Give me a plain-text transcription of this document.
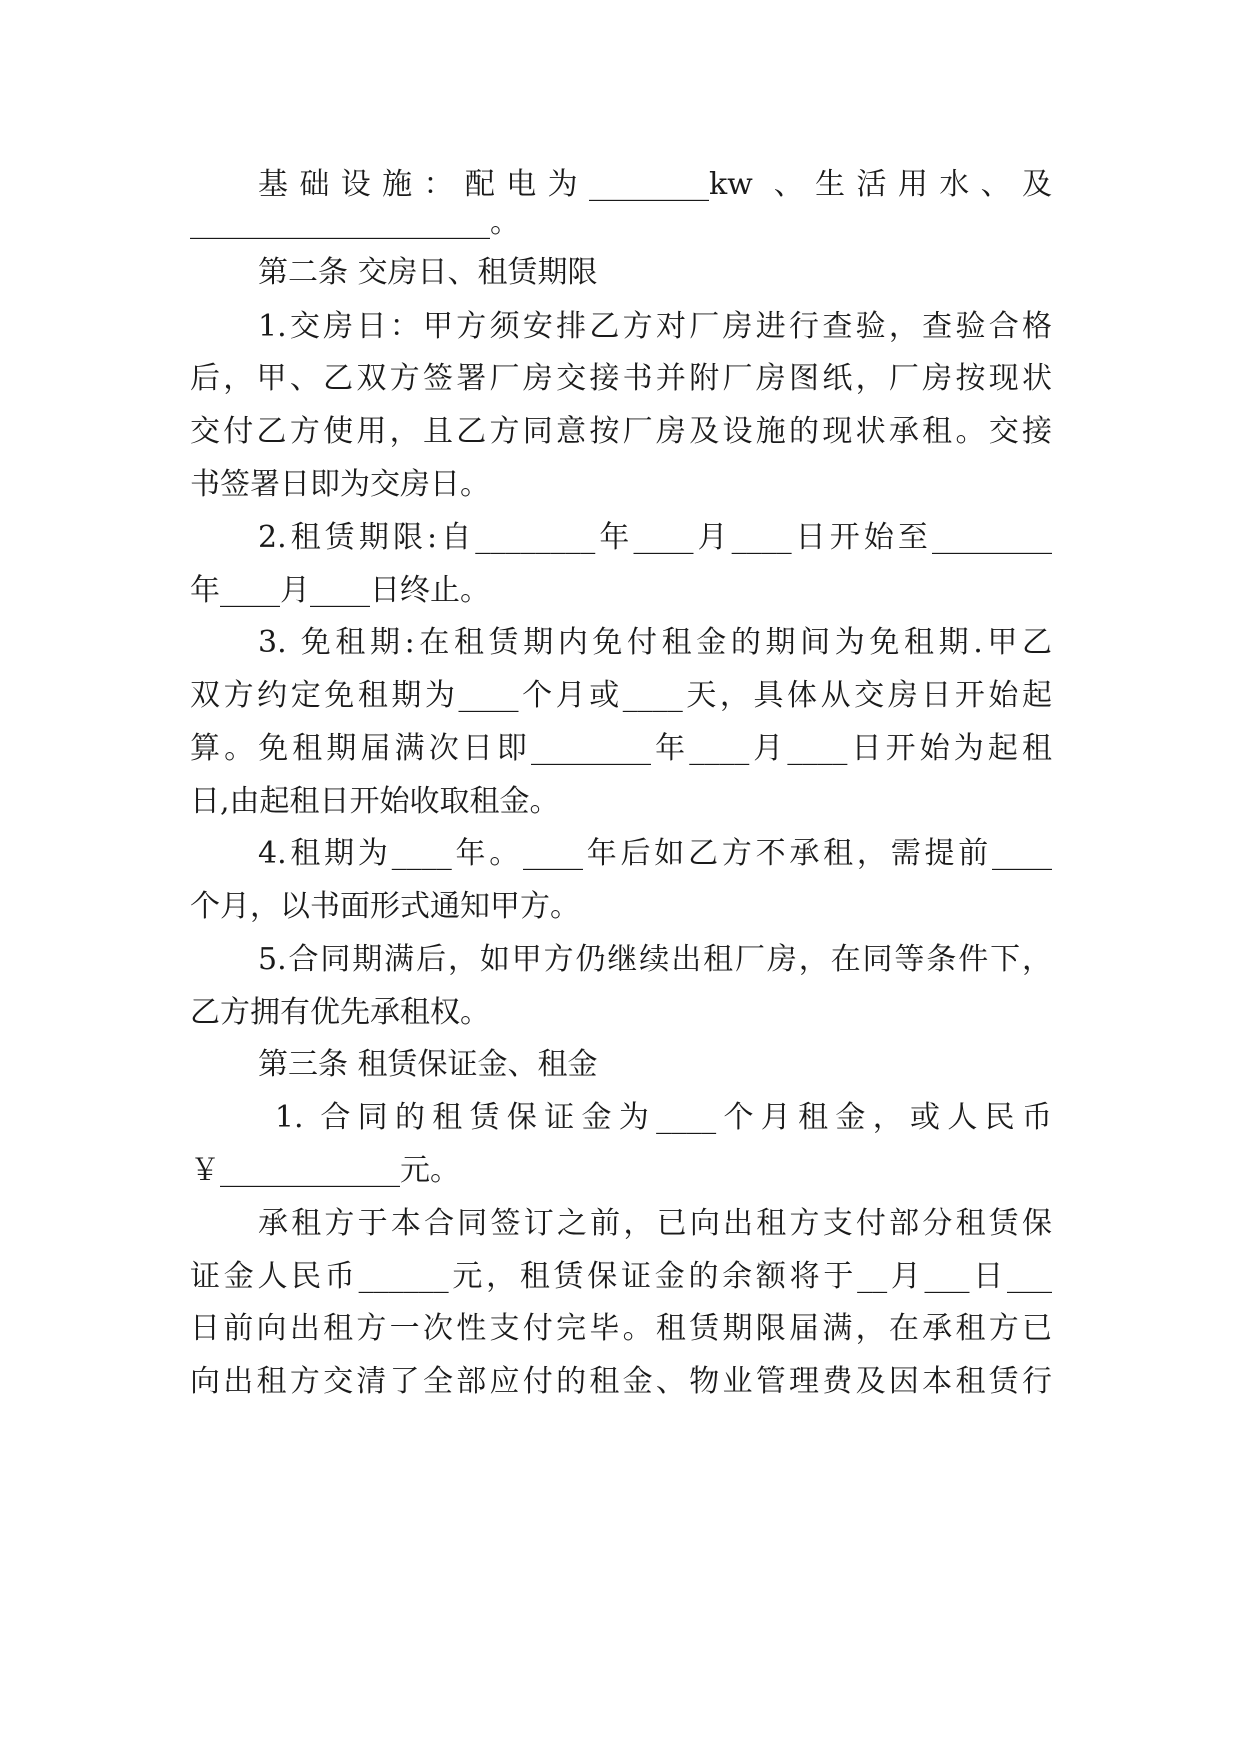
基础设施：配电为________kw 、生活用水、及
____________________。
第二条 交房日、租赁期限
1.交房日：甲方须安排乙方对厂房进行查验，查验合格
后，甲、乙双方签署厂房交接书并附厂房图纸，厂房按现状
交付乙方使用，且乙方同意按厂房及设施的现状承租。交接
书签署日即为交房日。
2.租赁期限:自________年____月____日开始至________
年____月____日终止。
3. 免租期:在租赁期内免付租金的期间为免租期.甲乙
双方约定免租期为____个月或____天，具体从交房日开始起
算。免租期届满次日即________年____月____日开始为起租
日,由起租日开始收取租金。
4.租期为____年。____年后如乙方不承租，需提前____
个月，以书面形式通知甲方。
5.合同期满后，如甲方仍继续出租厂房，在同等条件下，
乙方拥有优先承租权。
第三条 租赁保证金、租金
1. 合同的租赁保证金为____个月租金，或人民币
￥____________元。
承租方于本合同签订之前，已向出租方支付部分租赁保
证金人民币______元，租赁保证金的余额将于__月___日___
日前向出租方一次性支付完毕。租赁期限届满，在承租方已
向出租方交清了全部应付的租金、物业管理费及因本租赁行
